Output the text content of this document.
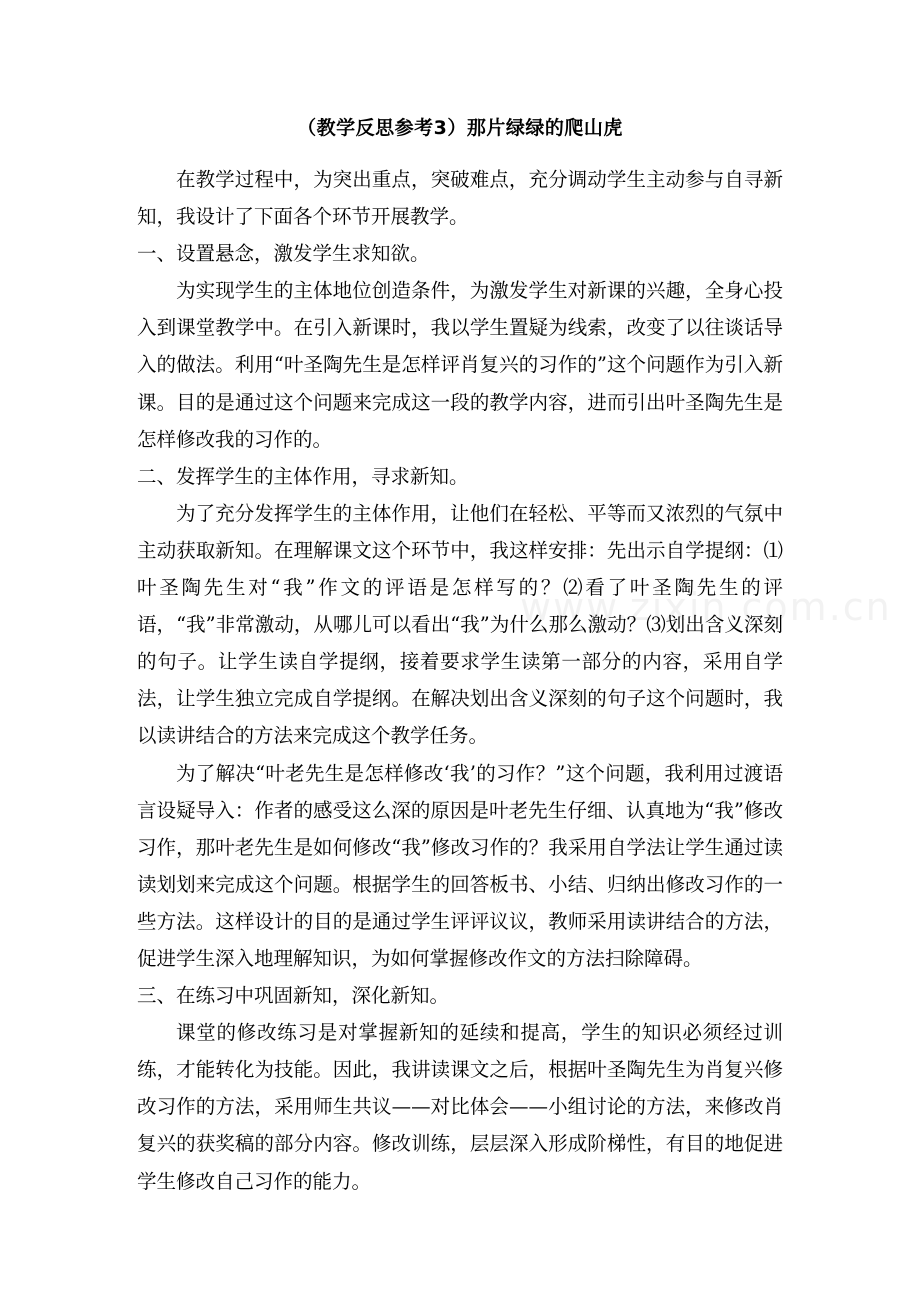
www.zixin.com.cn
（教学反思参考3）那片绿绿的爬山虎

在教学过程中，为突出重点，突破难点，充分调动学生主动参与自寻新知，我设计了下面各个环节开展教学。

一、设置悬念，激发学生求知欲。

为实现学生的主体地位创造条件，为激发学生对新课的兴趣，全身心投入到课堂教学中。在引入新课时，我以学生置疑为线索，改变了以往谈话导入的做法。利用“叶圣陶先生是怎样评肖复兴的习作的”这个问题作为引入新课。目的是通过这个问题来完成这一段的教学内容，进而引出叶圣陶先生是怎样修改我的习作的。

二、发挥学生的主体作用，寻求新知。

为了充分发挥学生的主体作用，让他们在轻松、平等而又浓烈的气氛中主动获取新知。在理解课文这个环节中，我这样安排：先出示自学提纲：⑴叶圣陶先生对“我”作文的评语是怎样写的？⑵看了叶圣陶先生的评语，“我”非常激动，从哪儿可以看出“我”为什么那么激动？⑶划出含义深刻的句子。让学生读自学提纲，接着要求学生读第一部分的内容，采用自学法，让学生独立完成自学提纲。在解决划出含义深刻的句子这个问题时，我以读讲结合的方法来完成这个教学任务。

为了解决“叶老先生是怎样修改‘我’的习作？”这个问题，我利用过渡语言设疑导入：作者的感受这么深的原因是叶老先生仔细、认真地为“我”修改习作，那叶老先生是如何修改“我”修改习作的？我采用自学法让学生通过读读划划来完成这个问题。根据学生的回答板书、小结、归纳出修改习作的一些方法。这样设计的目的是通过学生评评议议，教师采用读讲结合的方法，促进学生深入地理解知识，为如何掌握修改作文的方法扫除障碍。

三、在练习中巩固新知，深化新知。

课堂的修改练习是对掌握新知的延续和提高，学生的知识必须经过训练，才能转化为技能。因此，我讲读课文之后，根据叶圣陶先生为肖复兴修改习作的方法，采用师生共议——对比体会——小组讨论的方法，来修改肖复兴的获奖稿的部分内容。修改训练，层层深入形成阶梯性，有目的地促进学生修改自己习作的能力。
